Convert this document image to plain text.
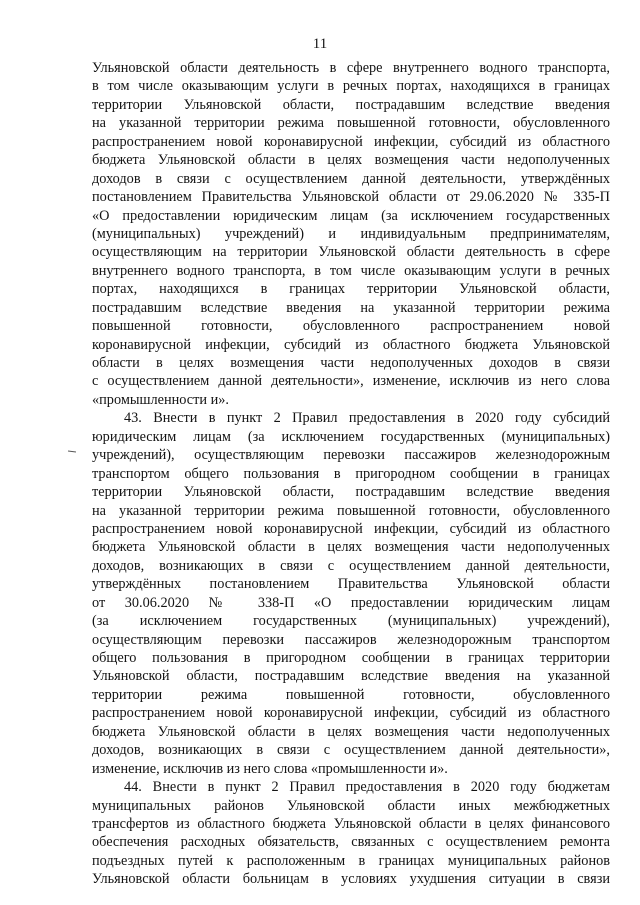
11
Ульяновской области деятельность в сфере внутреннего водного транспорта,
в том числе оказывающим услуги в речных портах, находящихся в границах
территории Ульяновской области, пострадавшим вследствие введения
на указанной территории режима повышенной готовности, обусловленного
распространением новой коронавирусной инфекции, субсидий из областного
бюджета Ульяновской области в целях возмещения части недополученных
доходов в связи с осуществлением данной деятельности, утверждённых
постановлением Правительства Ульяновской области от 29.06.2020 № 335-П
«О предоставлении юридическим лицам (за исключением государственных
(муниципальных) учреждений) и индивидуальным предпринимателям,
осуществляющим на территории Ульяновской области деятельность в сфере
внутреннего водного транспорта, в том числе оказывающим услуги в речных
портах, находящихся в границах территории Ульяновской области,
пострадавшим вследствие введения на указанной территории режима
повышенной готовности, обусловленного распространением новой
коронавирусной инфекции, субсидий из областного бюджета Ульяновской
области в целях возмещения части недополученных доходов в связи
с осуществлением данной деятельности», изменение, исключив из него слова
«промышленности и».
43. Внести в пункт 2 Правил предоставления в 2020 году субсидий
юридическим лицам (за исключением государственных (муниципальных)
учреждений), осуществляющим перевозки пассажиров железнодорожным
транспортом общего пользования в пригородном сообщении в границах
территории Ульяновской области, пострадавшим вследствие введения
на указанной территории режима повышенной готовности, обусловленного
распространением новой коронавирусной инфекции, субсидий из областного
бюджета Ульяновской области в целях возмещения части недополученных
доходов, возникающих в связи с осуществлением данной деятельности,
утверждённых постановлением Правительства Ульяновской области
от 30.06.2020 № 338-П «О предоставлении юридическим лицам
(за исключением государственных (муниципальных) учреждений),
осуществляющим перевозки пассажиров железнодорожным транспортом
общего пользования в пригородном сообщении в границах территории
Ульяновской области, пострадавшим вследствие введения на указанной
территории режима повышенной готовности, обусловленного
распространением новой коронавирусной инфекции, субсидий из областного
бюджета Ульяновской области в целях возмещения части недополученных
доходов, возникающих в связи с осуществлением данной деятельности»,
изменение, исключив из него слова «промышленности и».
44. Внести в пункт 2 Правил предоставления в 2020 году бюджетам
муниципальных районов Ульяновской области иных межбюджетных
трансфертов из областного бюджета Ульяновской области в целях финансового
обеспечения расходных обязательств, связанных с осуществлением ремонта
подъездных путей к расположенным в границах муниципальных районов
Ульяновской области больницам в условиях ухудшения ситуации в связи
